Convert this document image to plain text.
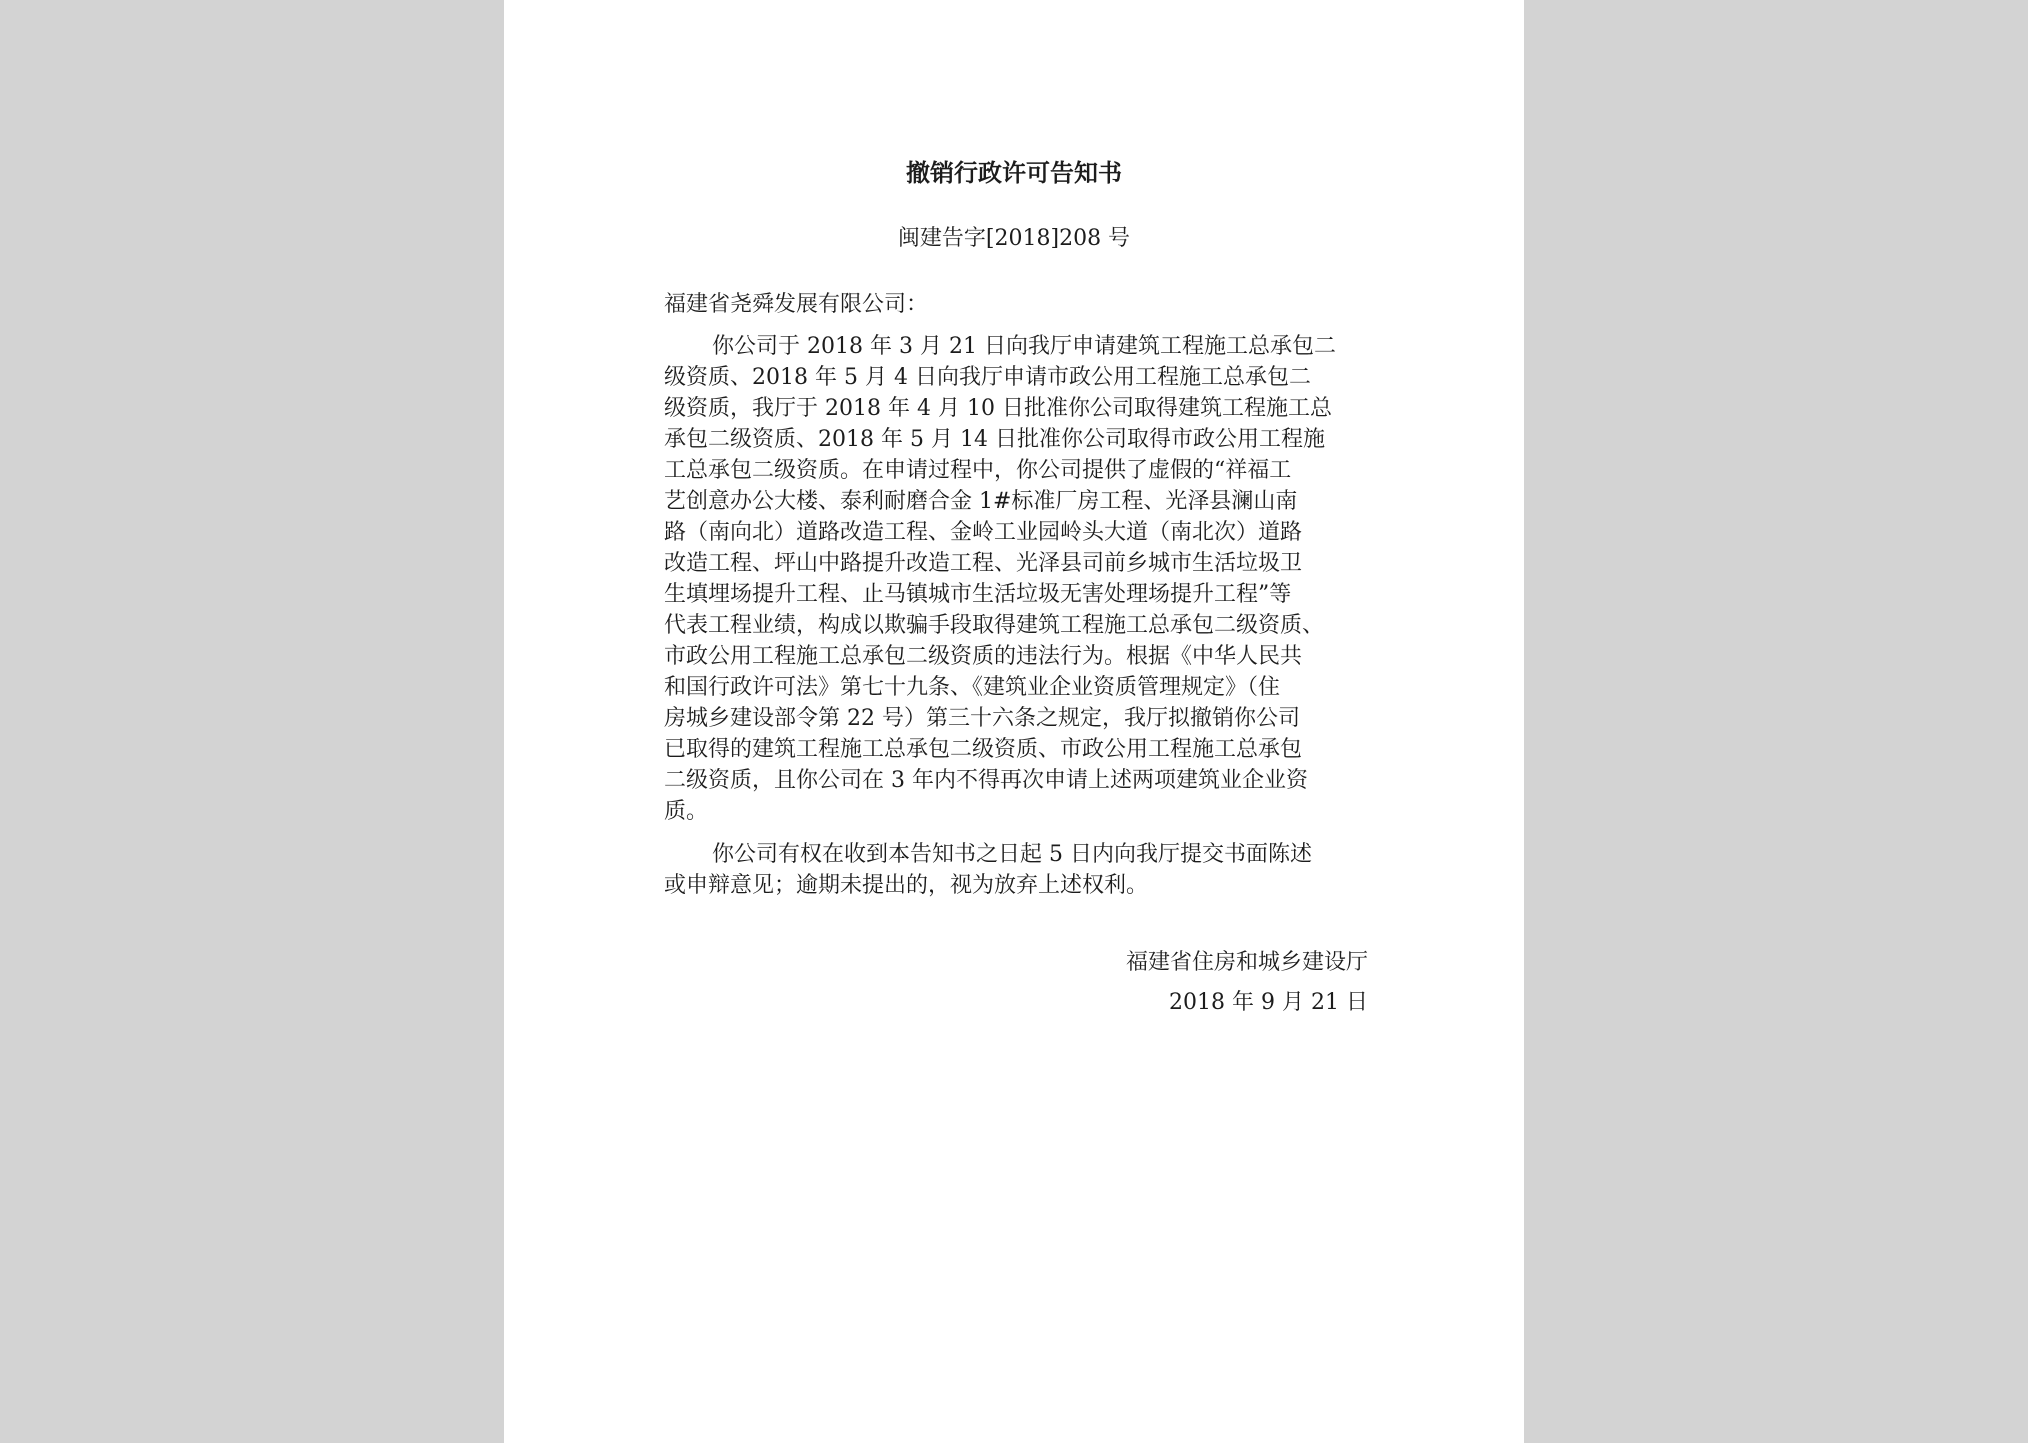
撤销行政许可告知书
闽建告字[2018]208 号
福建省尧舜发展有限公司：
你公司于 2018 年 3 月 21 日向我厅申请建筑工程施工总承包二
级资质、2018 年 5 月 4 日向我厅申请市政公用工程施工总承包二
级资质，我厅于 2018 年 4 月 10 日批准你公司取得建筑工程施工总
承包二级资质、2018 年 5 月 14 日批准你公司取得市政公用工程施
工总承包二级资质。在申请过程中，你公司提供了虚假的“祥福工
艺创意办公大楼、泰利耐磨合金 1#标准厂房工程、光泽县澜山南
路（南向北）道路改造工程、金岭工业园岭头大道（南北次）道路
改造工程、坪山中路提升改造工程、光泽县司前乡城市生活垃圾卫
生填埋场提升工程、止马镇城市生活垃圾无害处理场提升工程”等
代表工程业绩，构成以欺骗手段取得建筑工程施工总承包二级资质、
市政公用工程施工总承包二级资质的违法行为。根据《中华人民共
和国行政许可法》第七十九条、《建筑业企业资质管理规定》（住
房城乡建设部令第 22 号）第三十六条之规定，我厅拟撤销你公司
已取得的建筑工程施工总承包二级资质、市政公用工程施工总承包
二级资质，且你公司在 3 年内不得再次申请上述两项建筑业企业资
质。
你公司有权在收到本告知书之日起 5 日内向我厅提交书面陈述
或申辩意见；逾期未提出的，视为放弃上述权利。
福建省住房和城乡建设厅
2018 年 9 月 21 日
